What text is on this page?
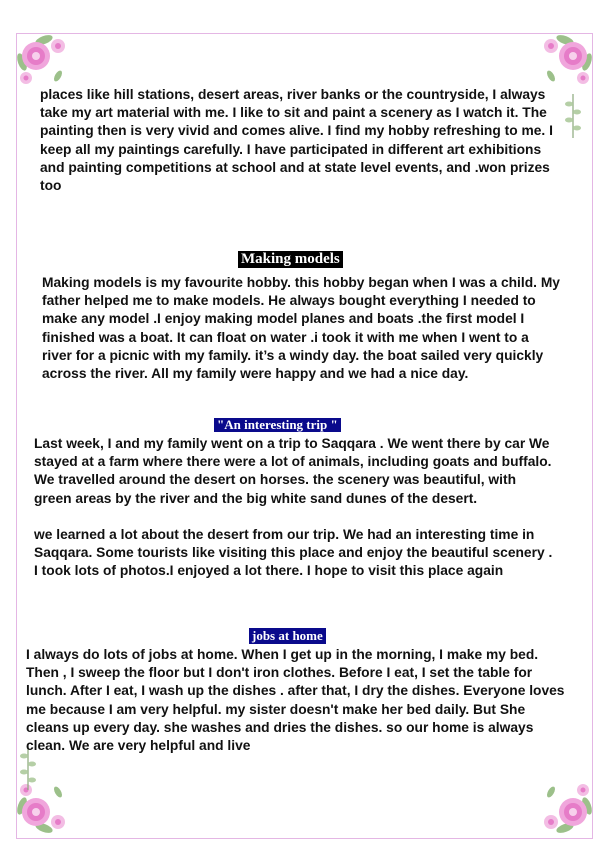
places like hill stations, desert areas, river banks or the countryside, I always take my art material with me. I like to sit and paint a scenery as I watch it. The painting then is very vivid and comes alive. I find my hobby refreshing to me. I keep all my paintings carefully. I have participated in different art exhibitions and painting competitions at school and at state level events, and .won prizes too

Making models

Making models is my favourite hobby. this hobby began when I was a child. My father helped me to make models. He always bought everything I needed to make any model .I enjoy making model planes and boats .the first model I finished was a boat. It can float on water .i took it with me when I went to a river for a picnic with my family. it’s a windy day. the boat sailed very quickly across the river. All my family were happy and we had a nice day.

"An interesting trip "

Last week, I and my family went on a trip to Saqqara . We went there by car We stayed at a farm where there were a lot of animals, including goats and buffalo. We travelled around the desert on horses. the scenery was beautiful, with green areas by the river and the big white sand dunes of the desert.

we learned a lot about the desert from our trip. We had an interesting time in Saqqara. Some tourists like visiting this place and enjoy the beautiful scenery . I took lots of photos.I enjoyed a lot there. I hope to visit this place again

jobs at home

I always do lots of jobs at home. When I get up in the morning, I make my bed. Then , I sweep the floor but I don't iron clothes. Before I eat, I set the table for lunch. After I eat, I wash up the dishes . after that, I dry the dishes. Everyone loves me because I am very helpful. my sister doesn't make her bed daily. But She cleans up every day. she washes and dries the dishes. so our home is always clean. We are very helpful and live
